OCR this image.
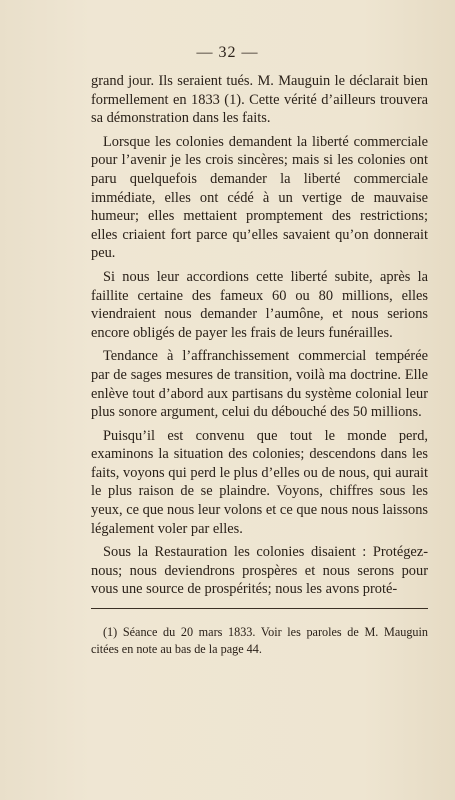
— 32 —

grand jour. Ils seraient tués. M. Mauguin le déclarait bien formellement en 1833 (1). Cette vérité d’ailleurs trouvera sa démonstration dans les faits.

Lorsque les colonies demandent la liberté commerciale pour l’avenir je les crois sincères; mais si les colonies ont paru quelquefois demander la liberté commerciale immédiate, elles ont cédé à un vertige de mauvaise humeur; elles mettaient promptement des restrictions; elles criaient fort parce qu’elles savaient qu’on donnerait peu.

Si nous leur accordions cette liberté subite, après la faillite certaine des fameux 60 ou 80 millions, elles viendraient nous demander l’aumône, et nous serions encore obligés de payer les frais de leurs funérailles.

Tendance à l’affranchissement commercial tempérée par de sages mesures de transition, voilà ma doctrine. Elle enlève tout d’abord aux partisans du système colonial leur plus sonore argument, celui du débouché des 50 millions.

Puisqu’il est convenu que tout le monde perd, examinons la situation des colonies; descendons dans les faits, voyons qui perd le plus d’elles ou de nous, qui aurait le plus raison de se plaindre. Voyons, chiffres sous les yeux, ce que nous leur volons et ce que nous nous laissons légalement voler par elles.

Sous la Restauration les colonies disaient : Protégez-nous; nous deviendrons prospères et nous serons pour vous une source de prospérités; nous les avons proté-

(1) Séance du 20 mars 1833. Voir les paroles de M. Mauguin citées en note au bas de la page 44.
